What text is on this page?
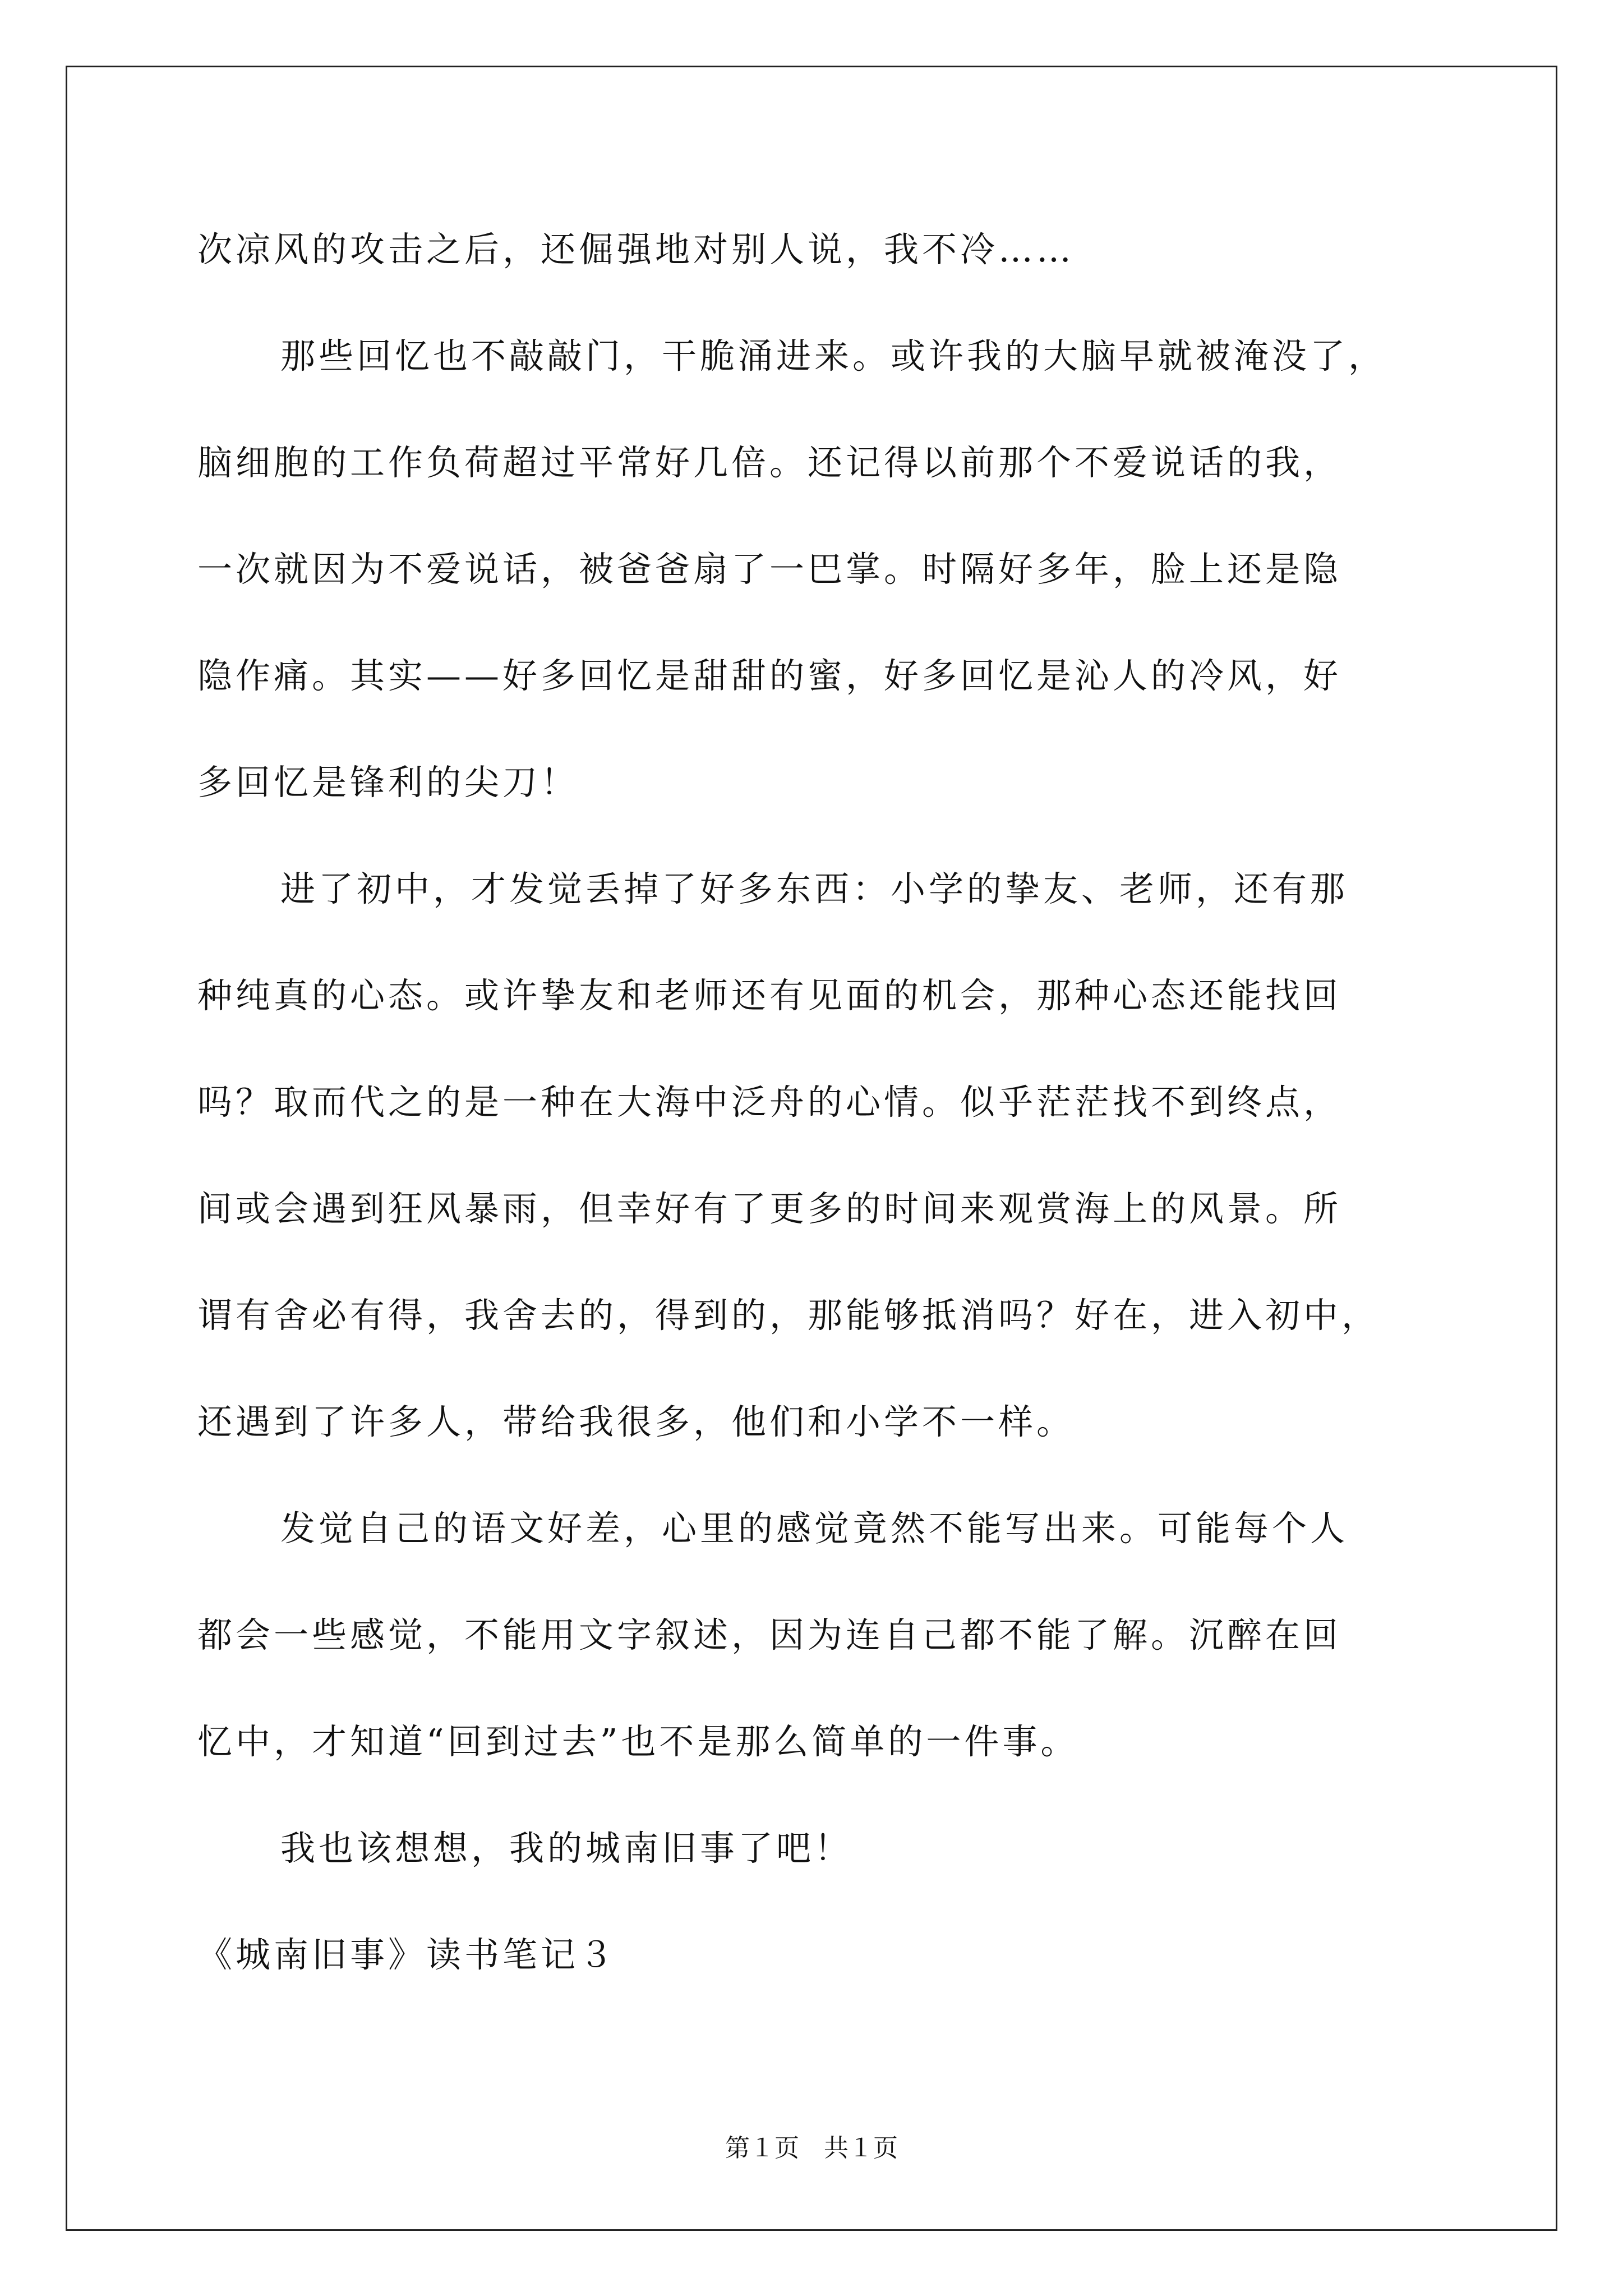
次凉风的攻击之后，还倔强地对别人说，我不冷……
那些回忆也不敲敲门，干脆涌进来。或许我的大脑早就被淹没了，
脑细胞的工作负荷超过平常好几倍。还记得以前那个不爱说话的我，
一次就因为不爱说话，被爸爸扇了一巴掌。时隔好多年，脸上还是隐
隐作痛。其实——好多回忆是甜甜的蜜，好多回忆是沁人的冷风，好
多回忆是锋利的尖刀！
进了初中，才发觉丢掉了好多东西：小学的挚友、老师，还有那
种纯真的心态。或许挚友和老师还有见面的机会，那种心态还能找回
吗？取而代之的是一种在大海中泛舟的心情。似乎茫茫找不到终点，
间或会遇到狂风暴雨，但幸好有了更多的时间来观赏海上的风景。所
谓有舍必有得，我舍去的，得到的，那能够抵消吗？好在，进入初中，
还遇到了许多人，带给我很多，他们和小学不一样。
发觉自己的语文好差，心里的感觉竟然不能写出来。可能每个人
都会一些感觉，不能用文字叙述，因为连自己都不能了解。沉醉在回
忆中，才知道“回到过去”也不是那么简单的一件事。
我也该想想，我的城南旧事了吧！
《城南旧事》读书笔记３
第１页　共１页
